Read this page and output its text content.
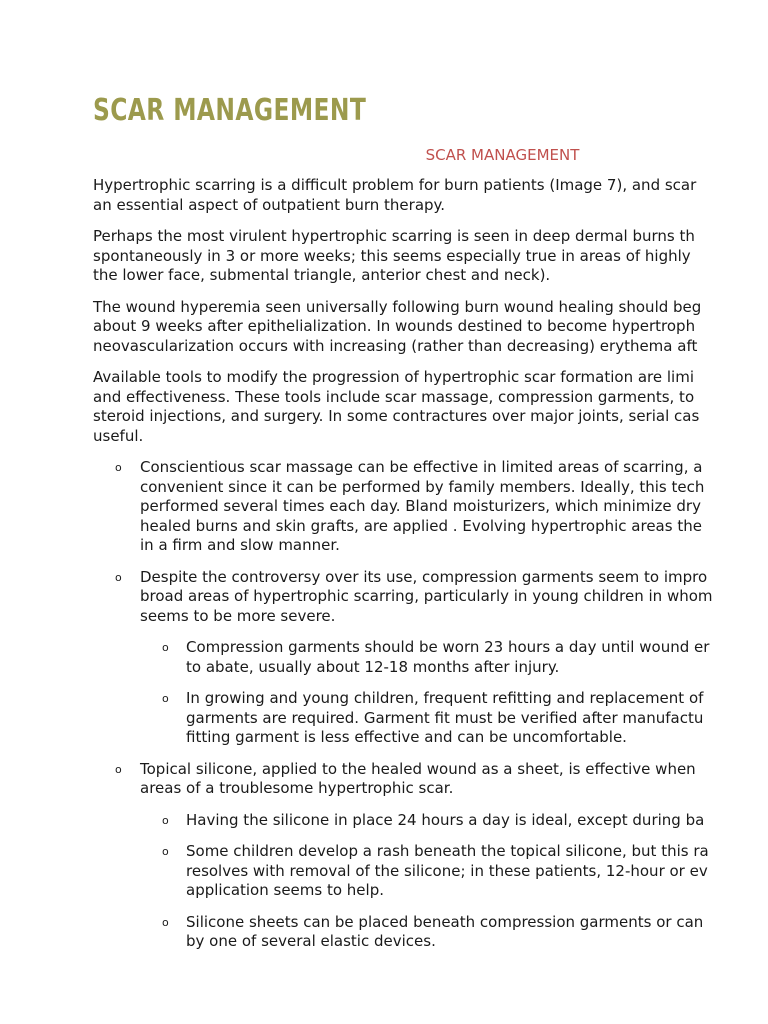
SCAR MANAGEMENT
SCAR MANAGEMENT

Hypertrophic scarring is a difficult problem for burn patients (Image 7), and scar
an essential aspect of outpatient burn therapy.

Perhaps the most virulent hypertrophic scarring is seen in deep dermal burns th
spontaneously in 3 or more weeks; this seems especially true in areas of highly
the lower face, submental triangle, anterior chest and neck).

The wound hyperemia seen universally following burn wound healing should beg
about 9 weeks after epithelialization. In wounds destined to become hypertroph
neovascularization occurs with increasing (rather than decreasing) erythema aft

Available tools to modify the progression of hypertrophic scar formation are limi
and effectiveness. These tools include scar massage, compression garments, to
steroid injections, and surgery. In some contractures over major joints, serial cas
useful.

o Conscientious scar massage can be effective in limited areas of scarring, a
convenient since it can be performed by family members. Ideally, this tech
performed several times each day. Bland moisturizers, which minimize dry
healed burns and skin grafts, are applied . Evolving hypertrophic areas the
in a firm and slow manner.
o Despite the controversy over its use, compression garments seem to impro
broad areas of hypertrophic scarring, particularly in young children in whom
seems to be more severe.
o Compression garments should be worn 23 hours a day until wound er
to abate, usually about 12-18 months after injury.
o In growing and young children, frequent refitting and replacement of
garments are required. Garment fit must be verified after manufactu
fitting garment is less effective and can be uncomfortable.
o Topical silicone, applied to the healed wound as a sheet, is effective when
areas of a troublesome hypertrophic scar.
o Having the silicone in place 24 hours a day is ideal, except during ba
o Some children develop a rash beneath the topical silicone, but this ra
resolves with removal of the silicone; in these patients, 12-hour or ev
application seems to help.
o Silicone sheets can be placed beneath compression garments or can
by one of several elastic devices.
